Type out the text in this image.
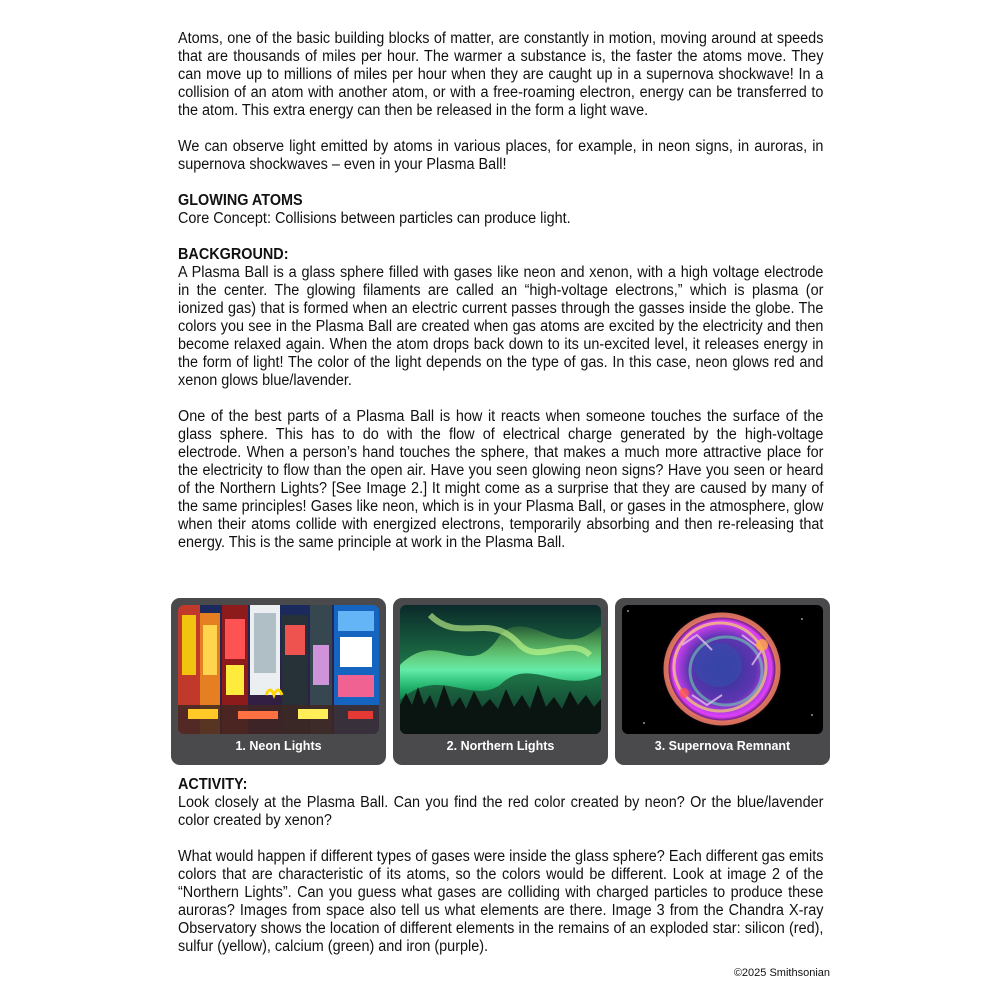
Atoms, one of the basic building blocks of matter, are constantly in motion, moving around at speeds that are thousands of miles per hour. The warmer a substance is, the faster the atoms move. They can move up to millions of miles per hour when they are caught up in a supernova shockwave! In a collision of an atom with another atom, or with a free-roaming electron, energy can be transferred to the atom. This extra energy can then be released in the form a light wave.

We can observe light emitted by atoms in various places, for example, in neon signs, in auroras, in supernova shockwaves – even in your Plasma Ball!

GLOWING ATOMS

Core Concept: Collisions between particles can produce light.

BACKGROUND:

A Plasma Ball is a glass sphere filled with gases like neon and xenon, with a high voltage electrode in the center. The glowing filaments are called an “high-voltage electrons,” which is plasma (or ionized gas) that is formed when an electric current passes through the gasses inside the globe. The colors you see in the Plasma Ball are created when gas atoms are excited by the electricity and then become relaxed again. When the atom drops back down to its un-excited level, it releases energy in the form of light! The color of the light depends on the type of gas. In this case, neon glows red and xenon glows blue/lavender.

One of the best parts of a Plasma Ball is how it reacts when someone touches the surface of the glass sphere. This has to do with the flow of electrical charge generated by the high-voltage electrode. When a person’s hand touches the sphere, that makes a much more attractive place for the electricity to flow than the open air. Have you seen glowing neon signs? Have you seen or heard of the Northern Lights? [See Image 2.] It might come as a surprise that they are caused by many of the same principles! Gases like neon, which is in your Plasma Ball, or gases in the atmosphere, glow when their atoms collide with energized electrons, temporarily absorbing and then re-releasing that energy. This is the same principle at work in the Plasma Ball.

1. Neon Lights	2. Northern Lights	3. Supernova Remnant

ACTIVITY:

Look closely at the Plasma Ball. Can you find the red color created by neon? Or the blue/lavender color created by xenon?

What would happen if different types of gases were inside the glass sphere? Each different gas emits colors that are characteristic of its atoms, so the colors would be different. Look at image 2 of the “Northern Lights”. Can you guess what gases are colliding with charged particles to produce these auroras? Images from space also tell us what elements are there. Image 3 from the Chandra X-ray Observatory shows the location of different elements in the remains of an exploded star: silicon (red), sulfur (yellow), calcium (green) and iron (purple).

©2025 Smithsonian
